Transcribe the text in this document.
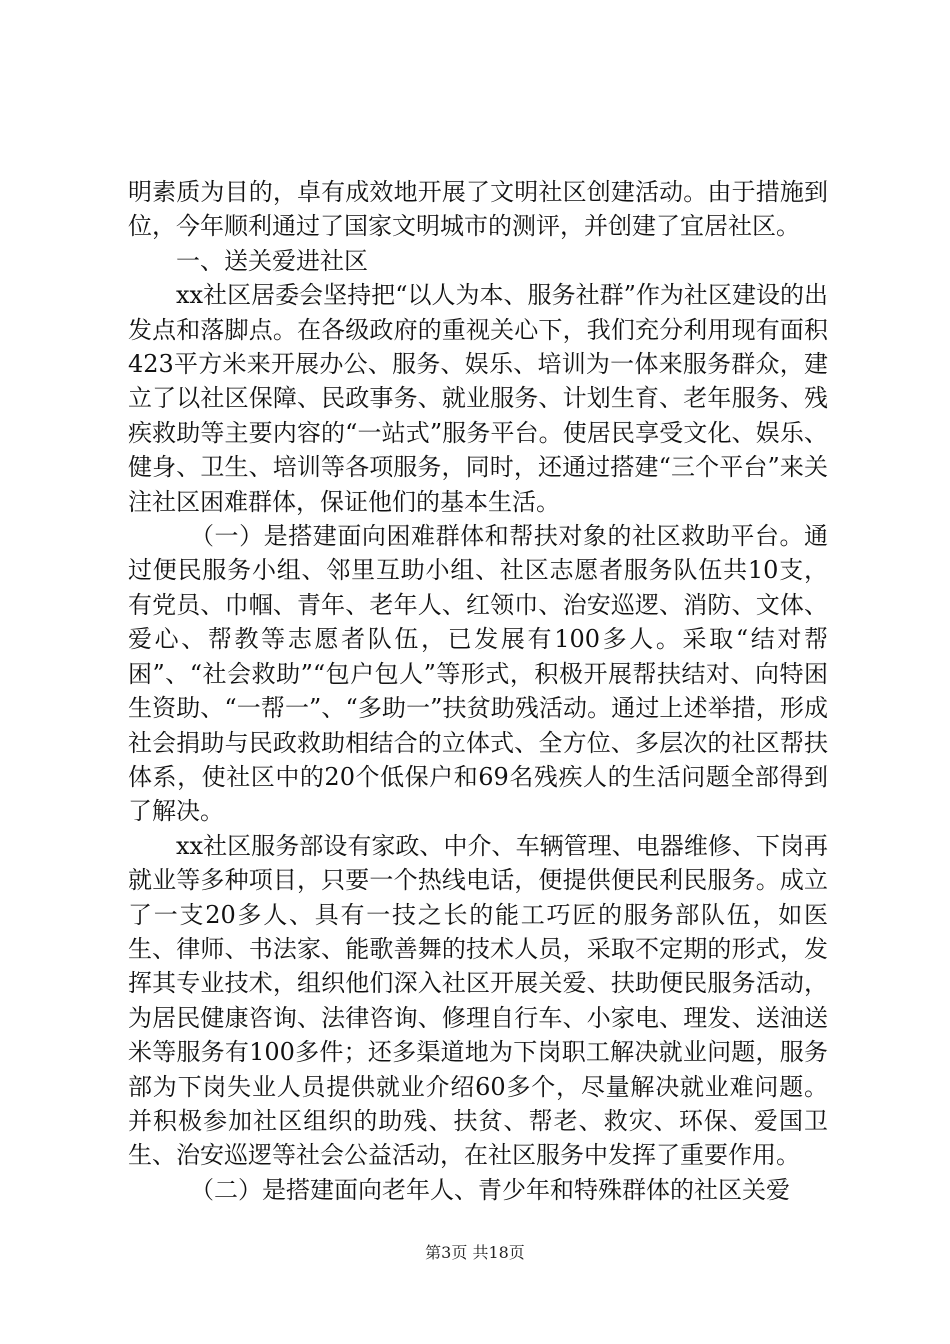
明素质为目的，卓有成效地开展了文明社区创建活动。由于措施到位，今年顺利通过了国家文明城市的测评，并创建了宜居社区。

一、送关爱进社区

xx社区居委会坚持把“以人为本、服务社群”作为社区建设的出发点和落脚点。在各级政府的重视关心下，我们充分利用现有面积423平方米来开展办公、服务、娱乐、培训为一体来服务群众，建立了以社区保障、民政事务、就业服务、计划生育、老年服务、残疾救助等主要内容的“一站式”服务平台。使居民享受文化、娱乐、健身、卫生、培训等各项服务，同时，还通过搭建“三个平台”来关注社区困难群体，保证他们的基本生活。

（一）是搭建面向困难群体和帮扶对象的社区救助平台。通过便民服务小组、邻里互助小组、社区志愿者服务队伍共10支，有党员、巾帼、青年、老年人、红领巾、治安巡逻、消防、文体、爱心、帮教等志愿者队伍，已发展有100多人。采取“结对帮困”、“社会救助”“包户包人”等形式，积极开展帮扶结对、向特困生资助、“一帮一”、“多助一”扶贫助残活动。通过上述举措，形成社会捐助与民政救助相结合的立体式、全方位、多层次的社区帮扶体系，使社区中的20个低保户和69名残疾人的生活问题全部得到了解决。

xx社区服务部设有家政、中介、车辆管理、电器维修、下岗再就业等多种项目，只要一个热线电话，便提供便民利民服务。成立了一支20多人、具有一技之长的能工巧匠的服务部队伍，如医生、律师、书法家、能歌善舞的技术人员，采取不定期的形式，发挥其专业技术，组织他们深入社区开展关爱、扶助便民服务活动，为居民健康咨询、法律咨询、修理自行车、小家电、理发、送油送米等服务有100多件；还多渠道地为下岗职工解决就业问题，服务部为下岗失业人员提供就业介绍60多个，尽量解决就业难问题。并积极参加社区组织的助残、扶贫、帮老、救灾、环保、爱国卫生、治安巡逻等社会公益活动，在社区服务中发挥了重要作用。

（二）是搭建面向老年人、青少年和特殊群体的社区关爱

第3页 共18页
